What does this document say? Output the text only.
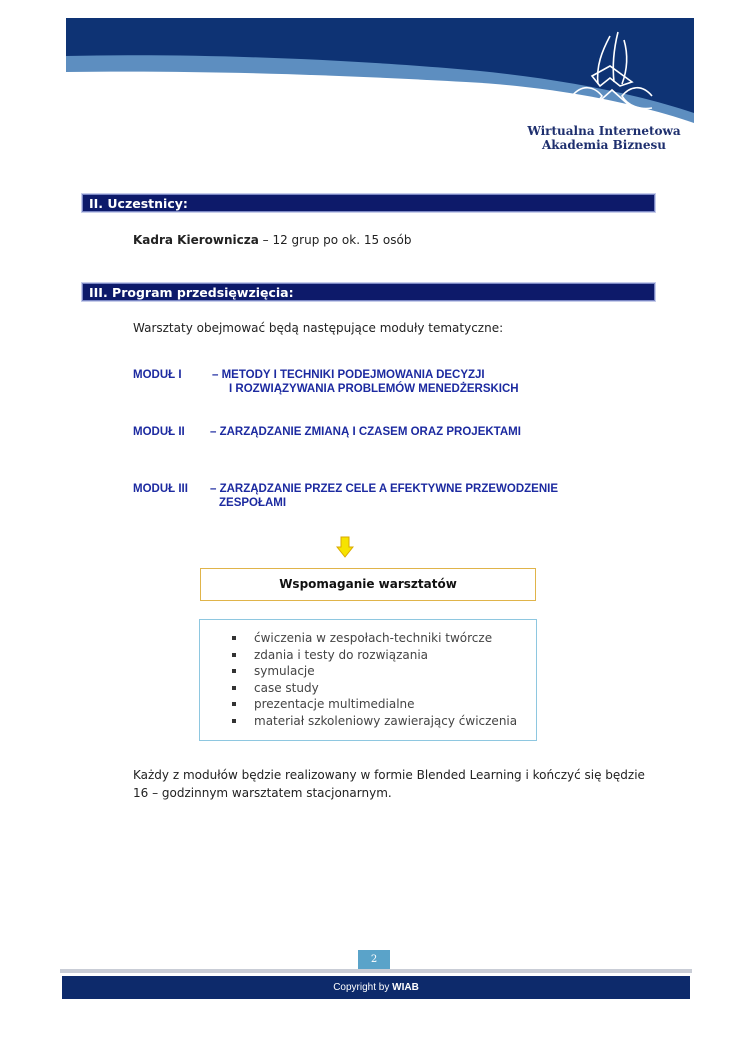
Wirtualna Internetowa
Akademia Biznesu
II. Uczestnicy:
Kadra Kierownicza – 12 grup po ok. 15 osób
III. Program przedsięwzięcia:
Warsztaty obejmować będą następujące moduły tematyczne:
MODUŁ I	– METODY I TECHNIKI PODEJMOWANIA DECYZJI
I ROZWIĄZYWANIA PROBLEMÓW MENEDŻERSKICH
MODUŁ II – ZARZĄDZANIE ZMIANĄ I CZASEM ORAZ PROJEKTAMI
MODUŁ III – ZARZĄDZANIE PRZEZ CELE A EFEKTYWNE PRZEWODZENIE
ZESPOŁAMI
Wspomaganie warsztatów
ćwiczenia w zespołach-techniki twórcze
zdania i testy do rozwiązania
symulacje
case study
prezentacje multimedialne
materiał szkoleniowy zawierający ćwiczenia
Każdy z modułów będzie realizowany w formie Blended Learning i kończyć się będzie
16 – godzinnym warsztatem stacjonarnym.
2
Copyright by WIAB
